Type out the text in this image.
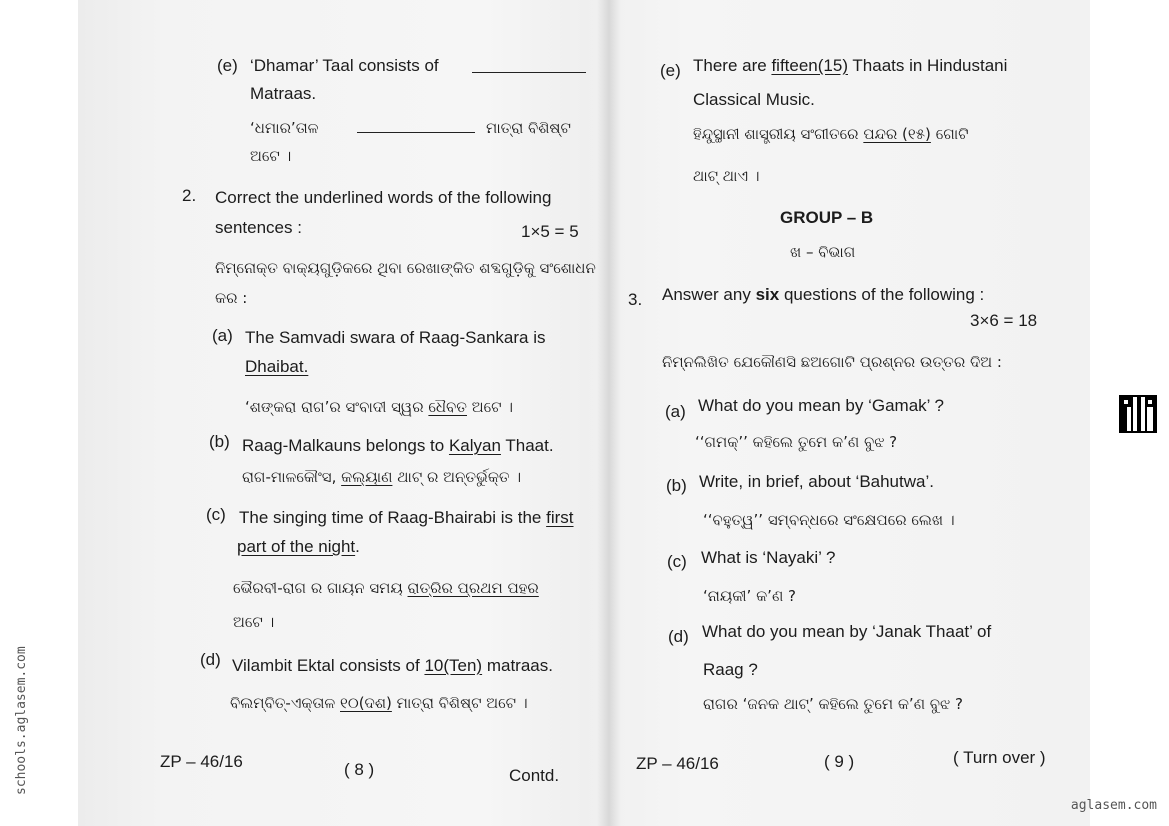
(e) ‘Dhamar’ Taal consists of
Matraas.
‘ଧମାର’ତାଳ	ମାତ୍ରା ବିଶିଷ୍ଟ
ଅଟେ ।
2. Correct the underlined words of the following
sentences :	1×5 = 5
ନିମ୍ନୋକ୍ତ ବାକ୍ୟଗୁଡ଼ିକରେ ଥିବା ରେଖାଙ୍କିତ ଶବ୍ଦଗୁଡ଼ିକୁ ସଂଶୋଧନ
କର :
(a) The Samvadi swara of Raag-Sankara is
Dhaibat.
‘ଶଙ୍କରା ରାଗ’ର ସଂବାଦୀ ସ୍ୱର ଧୈବତ ଅଟେ ।
(b) Raag-Malkauns belongs to Kalyan Thaat.
ରାଗ-ମାଳକୌଂସ, କଲ୍ୟାଣ ଥାଟ୍ ର ଅନ୍ତର୍ଭୁକ୍ତ ।
(c) The singing time of Raag-Bhairabi is the first
part of the night.
ଭୈରବୀ-ରାଗ ର ଗାୟନ ସମୟ ରାତ୍ରିର ପ୍ରଥମ ପହର
ଅଟେ ।
(d) Vilambit Ektal consists of 10(Ten) matraas.
ବିଲମ୍ବିତ୍-ଏକ୍ତାଳ ୧୦(ଦଶ) ମାତ୍ରା ବିଶିଷ୍ଟ ଅଟେ ।
ZP – 46/16	( 8 )	Contd.
(e) There are fifteen(15) Thaats in Hindustani
Classical Music.
ହିନ୍ଦୁସ୍ଥାନୀ ଶାସ୍ତ୍ରୀୟ ସଂଗୀତରେ ପନ୍ଦର (୧୫) ଗୋଟି
ଥାଟ୍ ଥାଏ ।
GROUP – B
ଖ – ବିଭାଗ
3. Answer any six questions of the following :
3×6 = 18
ନିମ୍ନଲିଖିତ ଯେକୌଣସି ଛଅଗୋଟି ପ୍ରଶ୍ନର ଉତ୍ତର ଦିଅ :
(a) What do you mean by ‘Gamak’ ?
‘‘ଗମକ୍’’ କହିଲେ ତୁମେ କ’ଣ ବୁଝ ?
(b) Write, in brief, about ‘Bahutwa’.
‘‘ବହୁତ୍ୱ’’ ସମ୍ବନ୍ଧରେ ସଂକ୍ଷେପରେ ଲେଖ ।
(c) What is ‘Nayaki’ ?
‘ନାୟକୀ’ କ’ଣ ?
(d) What do you mean by ‘Janak Thaat’ of
Raag ?
ରାଗର ‘ଜନକ ଥାଟ୍’ କହିଲେ ତୁମେ କ’ଣ ବୁଝ ?
ZP – 46/16	( 9 )	( Turn over )
schools.aglasem.com
aglasem.com
